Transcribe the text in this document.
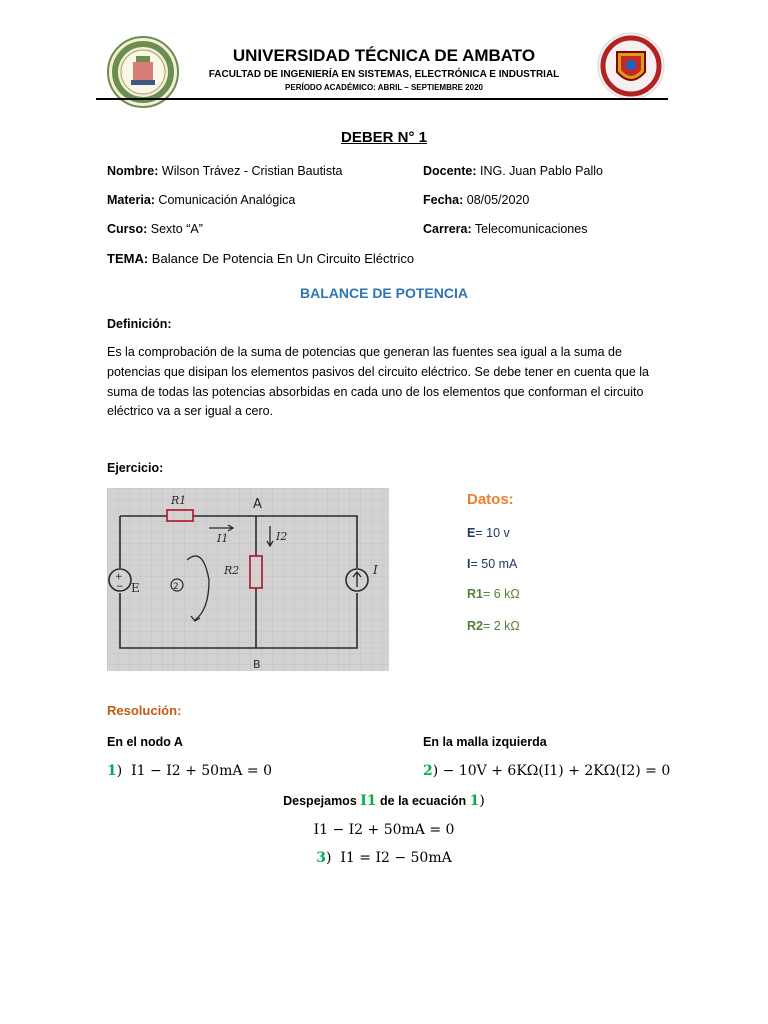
UNIVERSIDAD TÉCNICA DE AMBATO
FACULTAD DE INGENIERÍA EN SISTEMAS, ELECTRÓNICA E INDUSTRIAL
PERÍODO ACADÉMICO: ABRIL – SEPTIEMBRE 2020
DEBER N° 1
Nombre: Wilson Trávez - Cristian Bautista	Docente: ING. Juan Pablo Pallo
Materia: Comunicación Analógica	Fecha: 08/05/2020
Curso: Sexto “A”	Carrera: Telecomunicaciones
TEMA: Balance De Potencia En Un Circuito Eléctrico
BALANCE DE POTENCIA
Definición:
Es la comprobación de la suma de potencias que generan las fuentes sea igual a la suma de potencias que disipan los elementos pasivos del circuito eléctrico. Se debe tener en cuenta que la suma de todas las potencias absorbidas en cada uno de los elementos que conforman el circuito eléctrico va a ser igual a cero.
Ejercicio:
+
−
R1	A
I1	I2
R2
2
E
I
B
Datos:
E= 10 v
I= 50 mA
R1= 6 kΩ
R2= 2 kΩ
Resolución:
En el nodo A	En la malla izquierda
1) I1 − I2 + 50mA = 0	2) − 10V + 6KΩ(I1) + 2KΩ(I2) = 0
Despejamos I1 de la ecuación 1)
I1 − I2 + 50mA = 0
3) I1 = I2 − 50mA
